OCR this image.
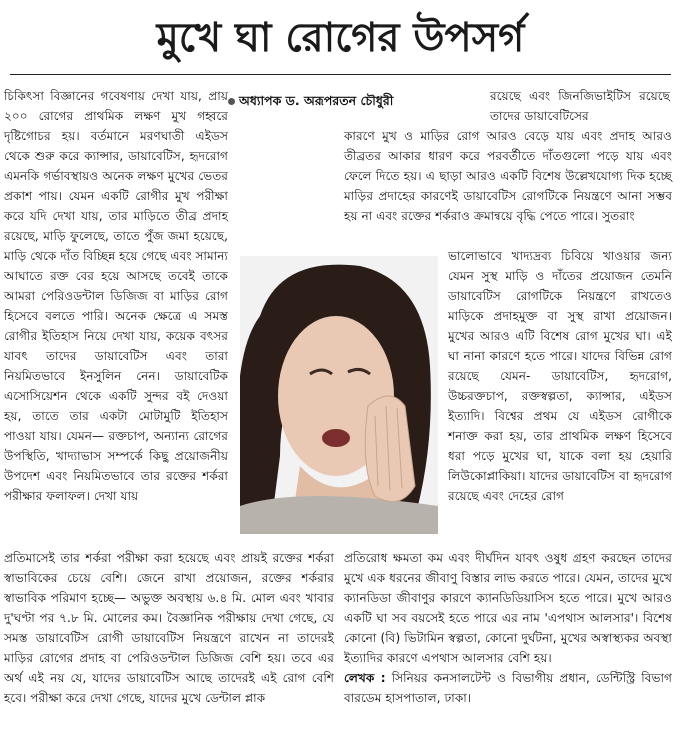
মুখে ঘা রোগের উপসর্গ
অধ্যাপক ড. অরূপরতন চৌধুরী

চিকিৎসা বিজ্ঞানের গবেষণায় দেখা যায়, প্রায় ২০০ রোগের প্রাথমিক লক্ষণ মুখ গহ্বরে দৃষ্টিগোচর হয়। বর্তমানে মরণঘাতী এইডস থেকে শুরু করে ক্যান্সার, ডায়াবেটিস, হৃদরোগ এমনকি গর্ভাবস্থায়ও অনেক লক্ষণ মুখের ভেতর প্রকাশ পায়। যেমন একটি রোগীর মুখ পরীক্ষা করে যদি দেখা যায়, তার মাড়িতে তীব্র প্রদাহ রয়েছে, মাড়ি ফুলেছে, তাতে পুঁজ জমা হয়েছে, মাড়ি থেকে দাঁত বিচ্ছিন্ন হয়ে গেছে এবং সামান্য আঘাতে রক্ত বের হয়ে আসছে তবেই তাকে আমরা পেরিওডন্টাল ডিজিজ বা মাড়ির রোগ হিসেবে বলতে পারি। অনেক ক্ষেত্রে এ সমস্ত রোগীর ইতিহাস নিয়ে দেখা যায়, কয়েক বৎসর যাবৎ তাদের ডায়াবেটিস এবং তারা নিয়মিতভাবে ইনসুলিন নেন। ডায়াবেটিক এসোসিয়েশন থেকে একটি সুন্দর বই দেওয়া হয়, তাতে তার একটা মোটামুটি ইতিহাস পাওয়া যায়। যেমন— রক্তচাপ, অন্যান্য রোগের উপস্থিতি, খাদ্যাভাস সম্পর্কে কিছু প্রয়োজনীয় উপদেশ এবং নিয়মিতভাবে তার রক্তের শর্করা পরীক্ষার ফলাফল। দেখা যায়

প্রতিমাসেই তার শর্করা পরীক্ষা করা হয়েছে এবং প্রায়ই রক্তের শর্করা স্বাভাবিকের চেয়ে বেশি। জেনে রাখা প্রয়োজন, রক্তের শর্করার স্বাভাবিক পরিমাণ হচ্ছে— অভুক্ত অবস্থায় ৬.৪ মি. মোল এবং খাবার দু'ঘণ্টা পর ৭.৮ মি. মোলের কম। বৈজ্ঞানিক পরীক্ষায় দেখা গেছে, যে সমস্ত ডায়াবেটিস রোগী ডায়াবেটিস নিয়ন্ত্রণে রাখেন না তাদেরই মাড়ির রোগের প্রদাহ বা পেরিওডন্টাল ডিজিজ বেশি হয়। তবে এর অর্থ এই নয় যে, যাদের ডায়াবেটিস আছে তাদেরই এই রোগ বেশি হবে। পরীক্ষা করে দেখা গেছে, যাদের মুখে ডেন্টাল প্লাক

রয়েছে এবং জিনজিভাইটিস রয়েছে তাদের ডায়াবেটিসের

কারণে মুখ ও মাড়ির রোগ আরও বেড়ে যায় এবং প্রদাহ আরও তীব্রতর আকার ধারণ করে পরবর্তীতে দাঁতগুলো পড়ে যায় এবং ফেলে দিতে হয়। এ ছাড়া আরও একটি বিশেষ উল্লেখযোগ্য দিক হচ্ছে মাড়ির প্রদাহের কারণেই ডায়াবেটিস রোগটিকে নিয়ন্ত্রণে আনা সম্ভব হয় না এবং রক্তের শর্করাও ক্রমান্বয়ে বৃদ্ধি পেতে পারে। সুতরাং

ভালোভাবে খাদ্যদ্রব্য চিবিয়ে খাওয়ার জন্য যেমন সুস্থ মাড়ি ও দাঁতের প্রয়োজন তেমনি ডায়াবেটিস রোগটিকে নিয়ন্ত্রণে রাখতেও মাড়িকে প্রদাহমুক্ত বা সুস্থ রাখা প্রয়োজন। মুখের আরও এটি বিশেষ রোগ মুখের ঘা। এই ঘা নানা কারণে হতে পারে। যাদের বিভিন্ন রোগ রয়েছে যেমন- ডায়াবেটিস, হৃদরোগ, উচ্চরক্তচাপ, রক্তস্বল্পতা, ক্যান্সার, এইডস ইত্যাদি। বিশ্বের প্রথম যে এইডস রোগীকে শনাক্ত করা হয়, তার প্রাথমিক লক্ষণ হিসেবে ধরা পড়ে মুখের ঘা, যাকে বলা হয় হেয়ারি লিউকোপ্লাকিয়া। যাদের ডায়াবেটিস বা হৃদরোগ রয়েছে এবং দেহের রোগ

প্রতিরোধ ক্ষমতা কম এবং দীর্ঘদিন যাবৎ ওষুধ গ্রহণ করছেন তাদের মুখে এক ধরনের জীবাণু বিস্তার লাভ করতে পারে। যেমন, তাদের মুখে ক্যানডিডা জীবাণুর কারণে ক্যানডিডিয়াসিস হতে পারে। মুখে আরও একটি ঘা সব বয়সেই হতে পারে এর নাম 'এপথাস আলসার'। বিশেষ কোনো (বি) ভিটামিন স্বল্পতা, কোনো দুর্ঘটনা, মুখের অস্বাস্থ্যকর অবস্থা ইত্যাদির কারণে এপথাস আলসার বেশি হয়।

লেখক : সিনিয়র কনসালটেন্ট ও বিভাগীয় প্রধান, ডেন্টিস্ট্রি বিভাগ বারডেম হাসপাতাল, ঢাকা।
